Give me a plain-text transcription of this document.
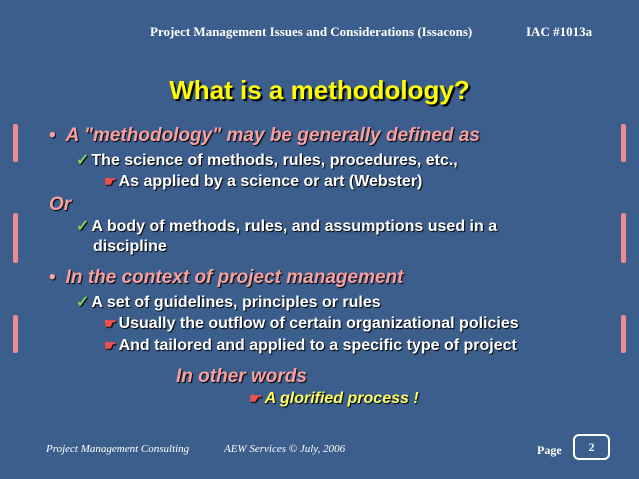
Project Management Issues and Considerations (Issacons)	IAC #1013a
What is a methodology?
• A "methodology" may be generally defined as
✓ The science of methods, rules, procedures, etc.,
☛ As applied by a science or art (Webster)
Or
✓ A body of methods, rules, and assumptions used in a
discipline
• In the context of project management
✓ A set of guidelines, principles or rules
☛ Usually the outflow of certain organizational policies
☛ And tailored and applied to a specific type of project
In other words
☛ A glorified process !
Project Management Consulting	AEW Services © July, 2006	Page	2
